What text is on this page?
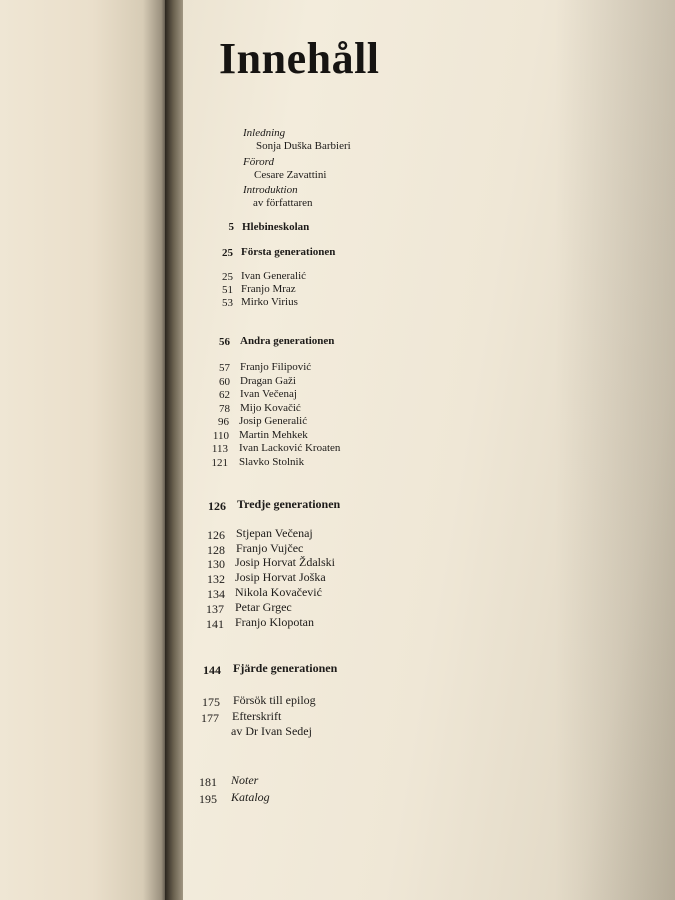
Innehåll
Inledning
Sonja Duška Barbieri
Förord
Cesare Zavattini
Introduktion
av författaren
5 Hlebineskolan
25 Första generationen
25 Ivan Generalić
51 Franjo Mraz
53 Mirko Virius
56 Andra generationen
57 Franjo Filipović
60 Dragan Gaži
62 Ivan Večenaj
78 Mijo Kovačić
96 Josip Generalić
110 Martin Mehkek
113 Ivan Lacković Kroaten
121 Slavko Stolnik
126 Tredje generationen
126 Stjepan Večenaj
128 Franjo Vujčec
130 Josip Horvat Ždalski
132 Josip Horvat Joška
134 Nikola Kovačević
137 Petar Grgec
141 Franjo Klopotan
144 Fjärde generationen
175 Försök till epilog
177 Efterskrift
av Dr Ivan Sedej
181 Noter
195 Katalog
